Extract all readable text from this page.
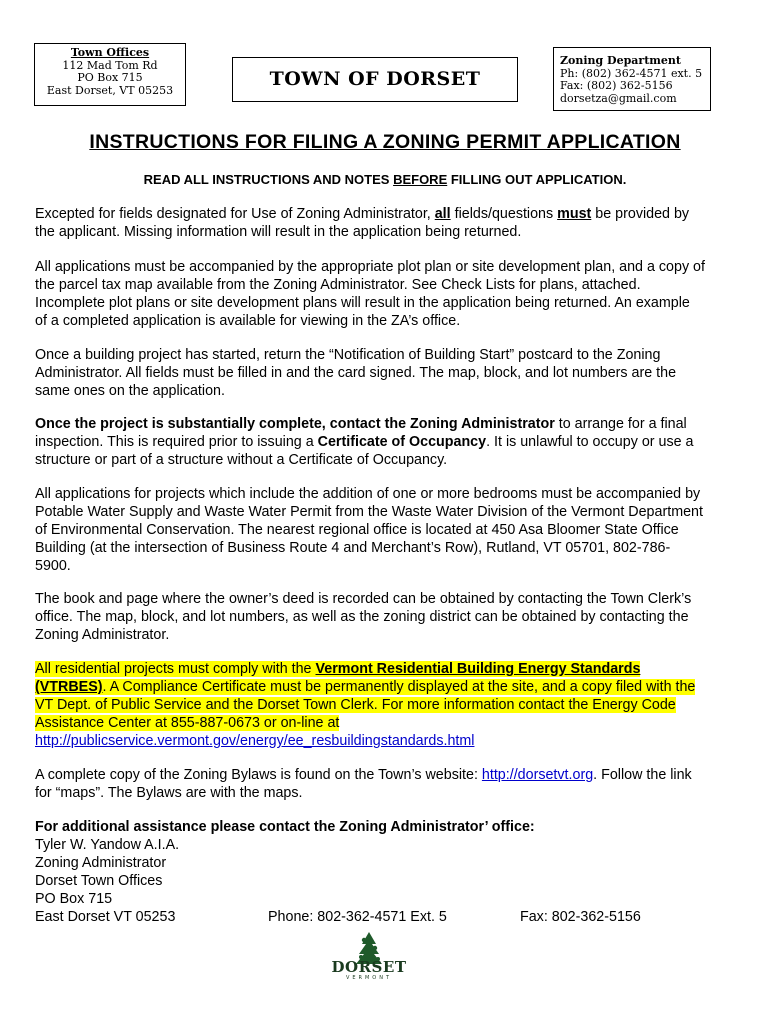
Town Offices
112 Mad Tom Rd
PO Box 715
East Dorset, VT 05253	TOWN OF DORSET
Zoning Department
Ph: (802) 362-4571 ext. 5
Fax: (802) 362-5156
dorsetza@gmail.com
INSTRUCTIONS FOR FILING A ZONING PERMIT APPLICATION
READ ALL INSTRUCTIONS AND NOTES BEFORE FILLING OUT APPLICATION.
Excepted for fields designated for Use of Zoning Administrator, all fields/questions must be provided by the applicant. Missing information will result in the application being returned.
All applications must be accompanied by the appropriate plot plan or site development plan, and a copy of the parcel tax map available from the Zoning Administrator. See Check Lists for plans, attached. Incomplete plot plans or site development plans will result in the application being returned. An example of a completed application is available for viewing in the ZA’s office.
Once a building project has started, return the “Notification of Building Start” postcard to the Zoning Administrator. All fields must be filled in and the card signed. The map, block, and lot numbers are the same ones on the application.
Once the project is substantially complete, contact the Zoning Administrator to arrange for a final inspection. This is required prior to issuing a Certificate of Occupancy. It is unlawful to occupy or use a structure or part of a structure without a Certificate of Occupancy.
All applications for projects which include the addition of one or more bedrooms must be accompanied by Potable Water Supply and Waste Water Permit from the Waste Water Division of the Vermont Department of Environmental Conservation. The nearest regional office is located at 450 Asa Bloomer State Office Building (at the intersection of Business Route 4 and Merchant’s Row), Rutland, VT 05701, 802-786-5900.
The book and page where the owner’s deed is recorded can be obtained by contacting the Town Clerk’s office. The map, block, and lot numbers, as well as the zoning district can be obtained by contacting the Zoning Administrator.
All residential projects must comply with the Vermont Residential Building Energy Standards (VTRBES). A Compliance Certificate must be permanently displayed at the site, and a copy filed with the VT Dept. of Public Service and the Dorset Town Clerk. For more information contact the Energy Code Assistance Center at 855-887-0673 or on-line at
http://publicservice.vermont.gov/energy/ee_resbuildingstandards.html
A complete copy of the Zoning Bylaws is found on the Town’s website: http://dorsetvt.org. Follow the link for “maps”. The Bylaws are with the maps.
For additional assistance please contact the Zoning Administrator’ office:
Tyler W. Yandow A.I.A.
Zoning Administrator
Dorset Town Offices
PO Box 715
East Dorset VT 05253	Phone: 802-362-4571 Ext. 5	Fax: 802-362-5156
DORSET
VERMONT
